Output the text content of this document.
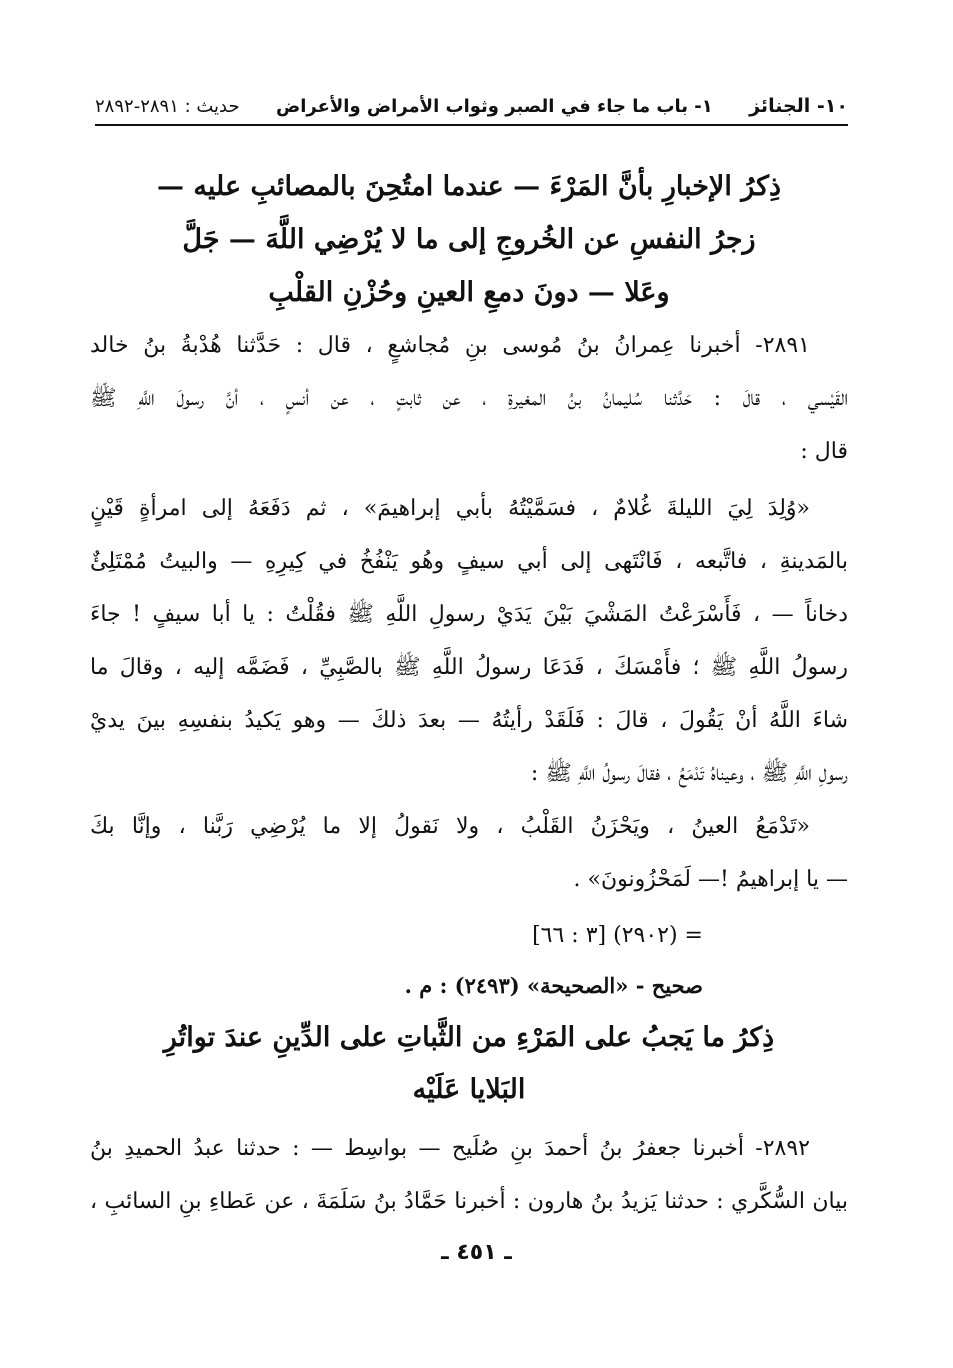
١٠- الجنائز
١- باب ما جاء في الصبر وثواب الأمراض والأعراض
حديث : ٢٨٩١-٢٨٩٢
ذِكرُ الإخبارِ بأنَّ المَرْءَ — عندما امتُحِنَ بالمصائبِ عليه —
زجرُ النفسِ عن الخُروجِ إلى ما لا يُرْضِي اللَّهَ — جَلَّ
وعَلا — دونَ دمعِ العينِ وحُزْنِ القلْبِ

٢٨٩١- أخبرنا عِمرانُ بنُ مُوسى بنِ مُجاشعٍ ، قال : حَدَّثنا هُدْبةُ بنُ خالد

القَيْسي ، قالَ : حَدَّثنا سُليمانُ بنُ المغيرةِ ، عن ثابتٍ ، عن أنسٍ ، أنَّ رسولَ اللَّهِ ﷺ
قال :

«وُلِدَ لِيَ الليلةَ غُلامٌ ، فسَمَّيْتُهُ بأبي إبراهيمَ» ، ثم دَفَعَهُ إلى امرأةٍ قَيْنٍ
بالمَدينةِ ، فاتَّبعه ، فَانْتَهى إلى أبي سيفٍ وهُو يَنْفُخُ في كِيرِهِ — والبيتُ مُمْتَلِئٌ
دخاناً — ، فَأَسْرَعْتُ المَشْيَ بَيْنَ يَدَيْ رسولِ اللَّهِ ﷺ فقُلْتُ : يا أبا سيفٍ ! جاءَ
رسولُ اللَّهِ ﷺ ؛ فأَمْسَكَ ، فَدَعَا رسولُ اللَّهِ ﷺ بالصَّبِيِّ ، فَضَمَّه إليه ، وقالَ ما
شاءَ اللَّهُ أنْ يَقُولَ ، قالَ : فَلَقَدْ رأيتُهُ — بعدَ ذلكَ — وهو يَكيدُ بنفسِهِ بينَ يديْ
رسولِ اللَّهِ ﷺ ، وعيناهُ تَدْمَعُ ، فقالَ رسولُ اللَّهِ ﷺ :

«تَدْمَعُ العينُ ، ويَحْزَنُ القَلْبُ ، ولا نَقولُ إلا ما يُرْضِي رَبَّنا ، وإنَّا بكَ
— يا إبراهيمُ !— لَمَحْزُونونَ» .

= (٢٩٠٢) [٣ : ٦٦]

صحيح - «الصحيحة» (٢٤٩٣) : م .

ذِكرُ ما يَجبُ على المَرْءِ من الثَّباتِ على الدِّينِ عندَ تواتُرِ
البَلايا عَلَيْه

٢٨٩٢- أخبرنا جعفرُ بنُ أحمدَ بنِ صُلَيح — بواسِط — : حدثنا عبدُ الحميدِ بنُ
بيان السُّكَّري : حدثنا يَزيدُ بنُ هارون : أخبرنا حَمَّادُ بنُ سَلَمَةَ ، عن عَطاءِ بنِ السائبِ ،

ـ ٤٥١ ـ
